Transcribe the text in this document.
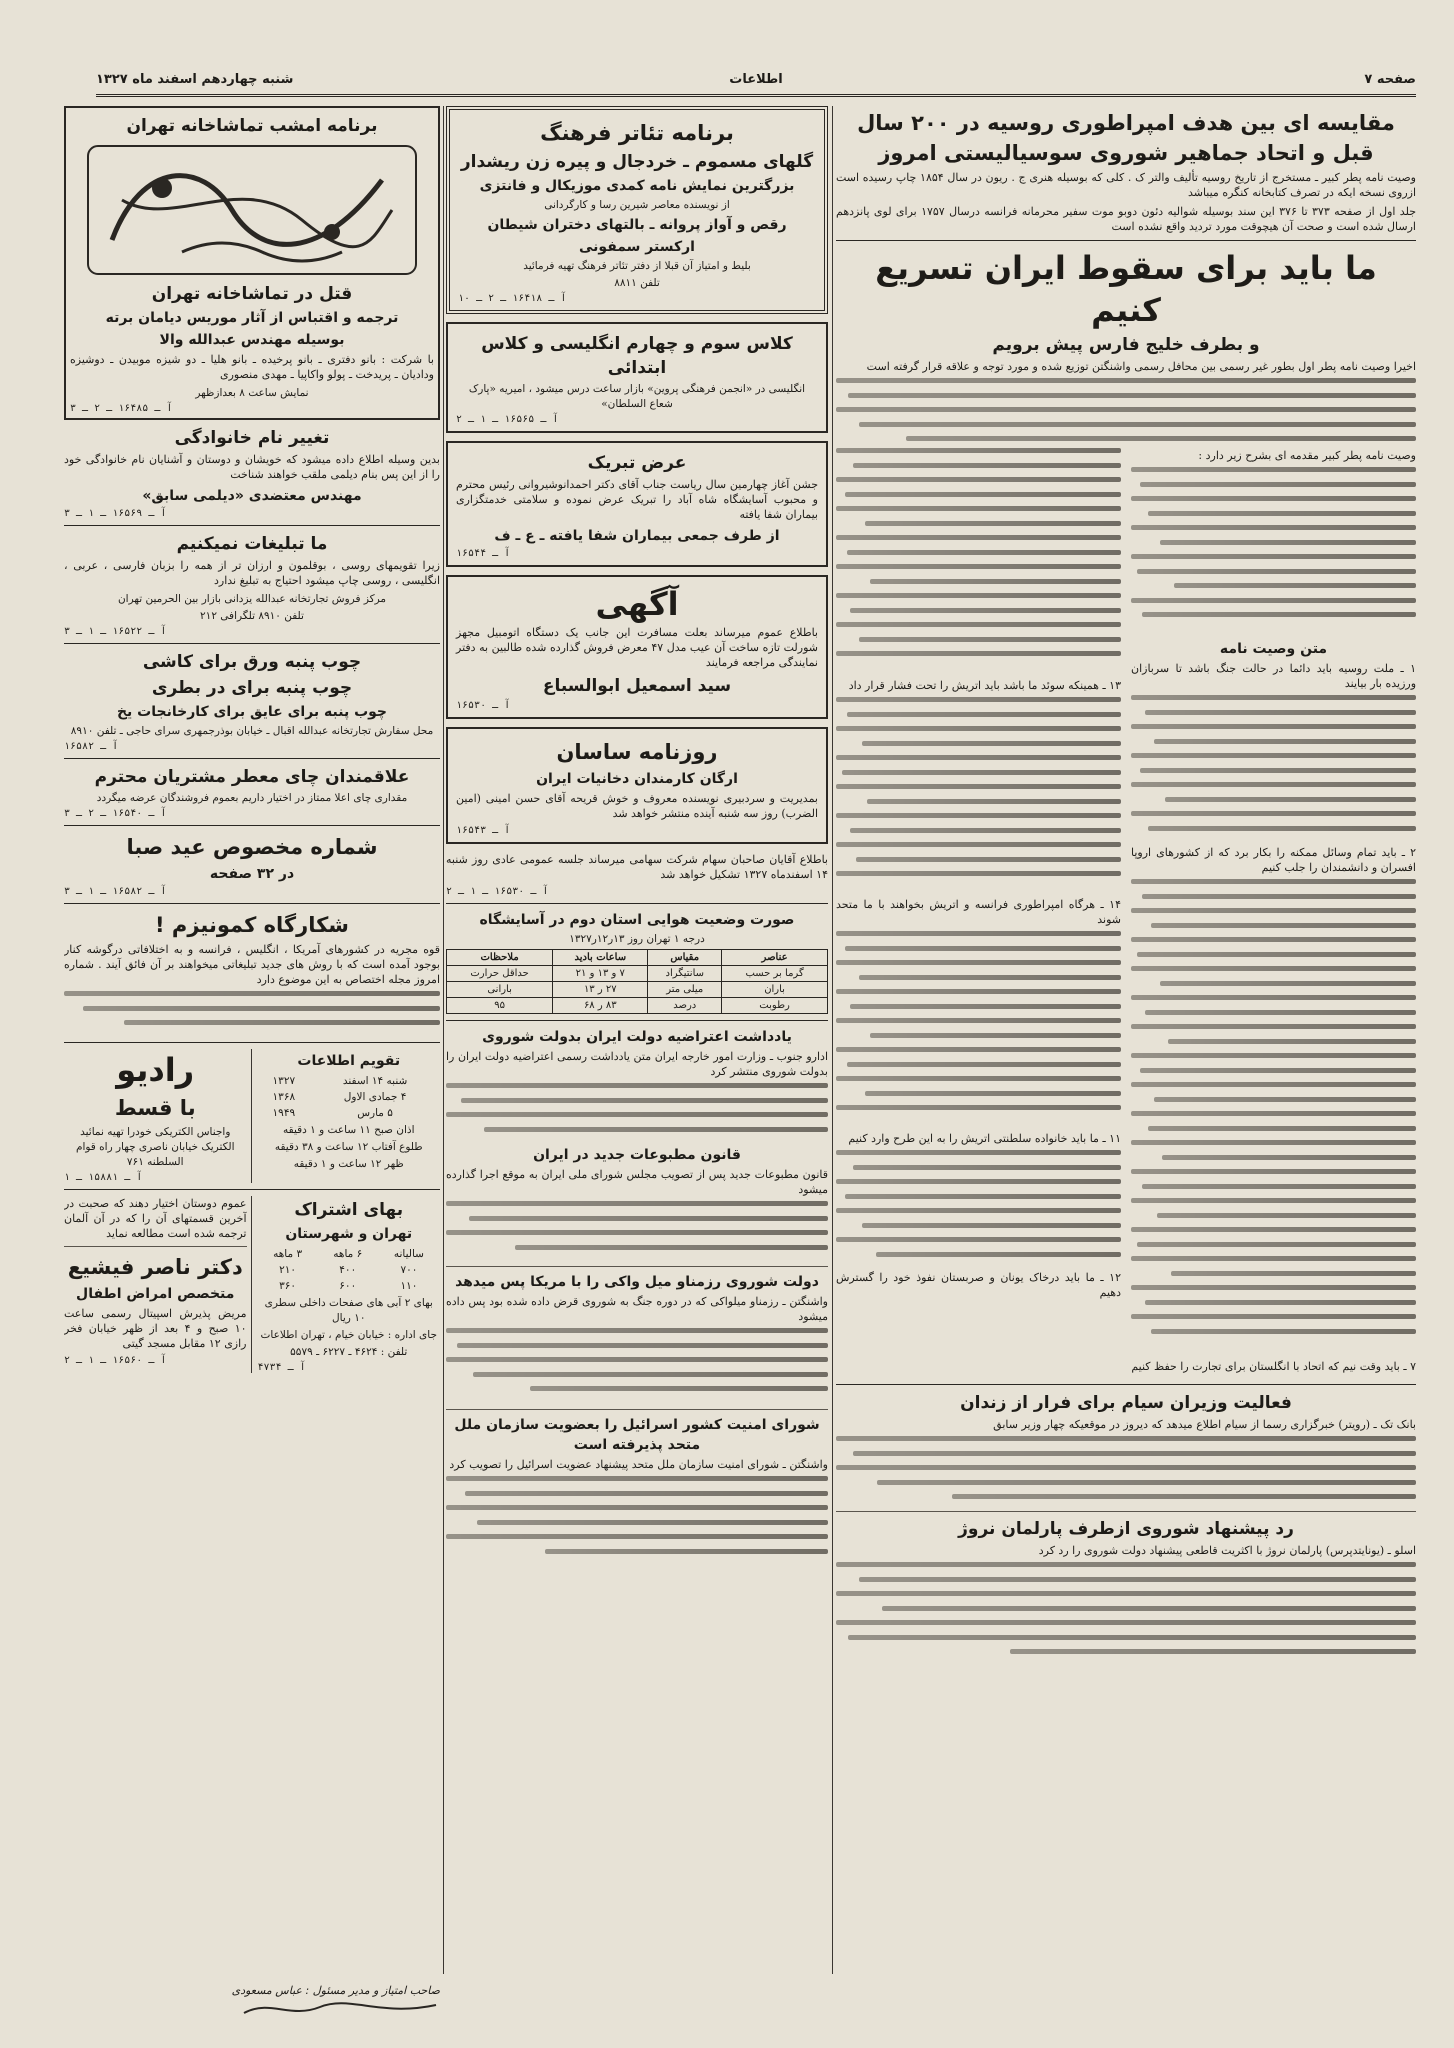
صفحه ۷
اطلاعات
شنبه چهاردهم اسفند ماه ۱۳۲۷
مقایسه ای بین هدف امپراطوری روسیه در ۲۰۰ سال قبل و اتحاد جماهیر شوروی سوسیالیستی امروز

وصیت نامه پطر کبیر ـ مستخرج از تاریخ روسیه تألیف والتر ک . کلی که بوسیله هنری ج . ریون در سال ۱۸۵۴ چاپ رسیده است ازروی نسخه ایکه در تصرف کتابخانه کنگره میباشد

جلد اول از صفحه ۳۷۳ تا ۳۷۶ این سند بوسیله شوالیه دئون دوبو موت سفیر محرمانه فرانسه درسال ۱۷۵۷ برای لوی پانزدهم ارسال شده است و صحت آن هیچوقت مورد تردید واقع نشده است

ما باید برای سقوط ایران تسریع کنیم
و بطرف خلیج فارس پیش برویم

اخیرا وصیت نامه پطر اول بطور غیر رسمی بین محافل رسمی واشنگتن توزیع شده و مورد توجه و علاقه قرار گرفته است

وصیت نامه پطر کبیر مقدمه ای بشرح زیر دارد :

متن وصیت نامه

۱ ـ ملت روسیه باید دائما در حالت جنگ باشد تا سربازان ورزیده بار بیایند

۲ ـ باید تمام وسائل ممکنه را بکار برد که از کشورهای اروپا افسران و دانشمندان را جلب کنیم

۷ ـ باید وقت نیم که اتحاد با انگلستان برای تجارت را حفظ کنیم

۱۳ ـ همینکه سوئد ما باشد باید اتریش را تحت فشار قرار داد

۱۴ ـ هرگاه امپراطوری فرانسه و اتریش بخواهند با ما متحد شوند

۱۱ ـ ما باید خانواده سلطنتی اتریش را به این طرح وارد کنیم

۱۲ ـ ما باید درخاک یونان و صربستان نفوذ خود را گسترش دهیم

فعالیت وزیران سیام برای فرار از زندان

بانک تک ـ (رویتر) خبرگزاری رسما از سیام اطلاع میدهد که دیروز در موقعیکه چهار وزیر سابق

رد پیشنهاد شوروی ازطرف پارلمان نروژ

اسلو ـ (یونایتدپرس) پارلمان نروژ با اکثریت قاطعی پیشنهاد دولت شوروی را رد کرد

برنامه تئاتر فرهنگ
گلهای مسموم ـ خردجال و پیره زن ریشدار
بزرگترین نمایش نامه کمدی موزیکال و فانتزی
از نویسنده معاصر شیرین رسا و کارگردانی
رقص و آواز پروانه ـ بالتهای دختران شیطان
ارکستر سمفونی
بلیط و امتیاز آن قبلا از دفتر تئاتر فرهنگ تهیه فرمائید
تلفن ۸۸۱۱
آ ـ ۱۶۴۱۸ ـ ۲ ـ ۱۰
کلاس سوم و چهارم انگلیسی و کلاس ابتدائی
انگلیسی در «انجمن فرهنگی پروین» بازار ساعت درس میشود ، امیریه «پارک شعاع السلطان»
آ ـ ۱۶۵۶۵ ـ ۱ ـ ۲
عرض تبریک

جشن آغاز چهارمین سال ریاست جناب آقای دکتر احمدانوشیروانی رئیس محترم و محبوب آسایشگاه شاه آباد را تبریک عرض نموده و سلامتی خدمتگزاری بیماران شفا یافته

از طرف جمعی بیماران شفا یافته ـ ع ـ ف
آ ـ ۱۶۵۴۴
آگهی

باطلاع عموم میرساند بعلت مسافرت این جانب یک دستگاه اتومبیل مجهز شورلت تازه ساخت آن عیب مدل ۴۷ معرض فروش گذارده شده طالبین به دفتر نمایندگی مراجعه فرمایند

سید اسمعیل ابوالسباع
آ ـ ۱۶۵۳۰
روزنامه ساسان
ارگان کارمندان دخانیات ایران

بمدیریت و سردبیری نویسنده معروف و خوش قریحه آقای حسن امینی (امین الضرب) روز سه شنبه آینده منتشر خواهد شد

آ ـ ۱۶۵۴۳

باطلاع آقایان صاحبان سهام شرکت سهامی میرساند جلسه عمومی عادی روز شنبه ۱۴ اسفندماه ۱۳۲۷ تشکیل خواهد شد

آ ـ ۱۶۵۳۰ ـ ۱ ـ ۲
صورت وضعیت هوایی استان دوم در آسایشگاه
درجه ۱ تهران روز ۱۳ر۱۲ر۱۳۲۷
عناصر	مقیاس	ساعات بادید	ملاحظات
گرما بر حسب	سانتیگراد	۷ و ۱۳ و ۲۱	حداقل حرارت
باران	میلی متر	۲۷ ر ۱۳	بارانی
رطوبت	درصد	۸۳ ر ۶۸	۹۵
یادداشت اعتراضیه دولت ایران بدولت شوروی

ادارو جنوب ـ وزارت امور خارجه ایران متن یادداشت رسمی اعتراضیه دولت ایران را بدولت شوروی منتشر کرد

قانون مطبوعات جدید در ایران

قانون مطبوعات جدید پس از تصویب مجلس شورای ملی ایران به موقع اجرا گذارده میشود

دولت شوروی رزمناو میل واکی را با مریکا پس میدهد

واشنگتن ـ رزمناو میلواکی که در دوره جنگ به شوروی قرض داده شده بود پس داده میشود

شورای امنیت کشور اسرائیل را بعضویت سازمان ملل متحد پذیرفته است

واشنگتن ـ شورای امنیت سازمان ملل متحد پیشنهاد عضویت اسرائیل را تصویب کرد

برنامه امشب تماشاخانه تهران
قتل در تماشاخانه تهران
ترجمه و اقتباس از آثار موریس دیامان برته
بوسیله مهندس عبدالله والا

با شرکت : بانو دفتری ـ بانو پرخیده ـ بانو هلیا ـ دو شیزه موبیدن ـ دوشیزه ودادیان ـ پریدخت ـ پولو واکاپیا ـ مهدی منصوری

نمایش ساعت ۸ بعدازظهر
آ ـ ۱۶۴۸۵ ـ ۲ ـ ۳
تغییر نام خانوادگی

بدین وسیله اطلاع داده میشود که خویشان و دوستان و آشنایان نام خانوادگی خود را از این پس بنام دیلمی ملقب خواهند شناخت

مهندس معتضدی «دیلمی سابق»
آ ـ ۱۶۵۶۹ ـ ۱ ـ ۳
ما تبلیغات نمیکنیم

زیرا تقویمهای روسی ، بوقلمون و ارزان تر از همه را بزبان فارسی ، عربی ، انگلیسی ، روسی چاپ میشود احتیاج به تبلیغ ندارد

مرکز فروش تجارتخانه عبدالله یزدانی بازار بین الحرمین تهران
تلفن ۸۹۱۰ تلگرافی ۲۱۲
آ ـ ۱۶۵۲۲ ـ ۱ ـ ۳
چوب پنبه ورق برای کاشی
چوب پنبه برای در بطری
چوب پنبه برای عایق برای کارخانجات یخ
محل سفارش تجارتخانه عبدالله اقبال ـ خیابان بوذرجمهری سرای حاجی ـ تلفن ۸۹۱۰
آ ـ ۱۶۵۸۲
علاقمندان چای معطر مشتریان محترم
مقداری چای اعلا ممتاز در اختیار داریم بعموم فروشندگان عرضه میگردد
آ ـ ۱۶۵۴۰ ـ ۲ ـ ۳
شماره مخصوص عید صبا
در ۳۲ صفحه
آ ـ ۱۶۵۸۲ ـ ۱ ـ ۳
شکارگاه کمونیزم !

قوه مجریه در کشورهای آمریکا ، انگلیس ، فرانسه و به اختلافاتی درگوشه کنار بوجود آمده است که با روش های جدید تبلیغاتی میخواهند بر آن فائق آیند . شماره امروز مجله اختصاص به این موضوع دارد

تقویم اطلاعات
شنبه ۱۴ اسفند	۱۳۲۷
۴ جمادی الاول	۱۳۶۸
۵ مارس	۱۹۴۹
اذان صبح ۱۱ ساعت و ۱ دقیقه
طلوع آفتاب ۱۲ ساعت و ۳۸ دقیقه
ظهر ۱۲ ساعت و ۱ دقیقه
رادیو
با قسط
واجناس الکتریکی خودرا تهیه نمائید الکتریک خیابان ناصری چهار راه قوام السلطنه ۷۶۱
آ ـ ۱۵۸۸۱ ـ ۱
بهای اشتراک
تهران و شهرستان
سالیانه	۶ ماهه	۳ ماهه
۷۰۰	۴۰۰	۲۱۰
۱۱۰	۶۰۰	۳۶۰
بهای ۲ آبی های صفحات داخلی سطری ۱۰ ریال
جای اداره : خیابان خیام ، تهران اطلاعات
تلفن : ۴۶۲۴ ـ ۶۲۲۷ ـ ۵۵۷۹
آ ـ ۴۷۳۴

عموم دوستان اختیار دهند که صحبت در آخرین قسمتهای آن را که در آن آلمان ترجمه شده است مطالعه نماید

دکتر ناصر فیشیع
متخصص امراض اطفال

مریض پذیرش اسپیتال رسمی ساعت ۱۰ صبح و ۴ بعد از ظهر خیابان فخر رازی ۱۲ مقابل مسجد گیتی

آ ـ ۱۶۵۶۰ ـ ۱ ـ ۲
صاحب امتیاز و مدیر مسئول : عباس مسعودی
